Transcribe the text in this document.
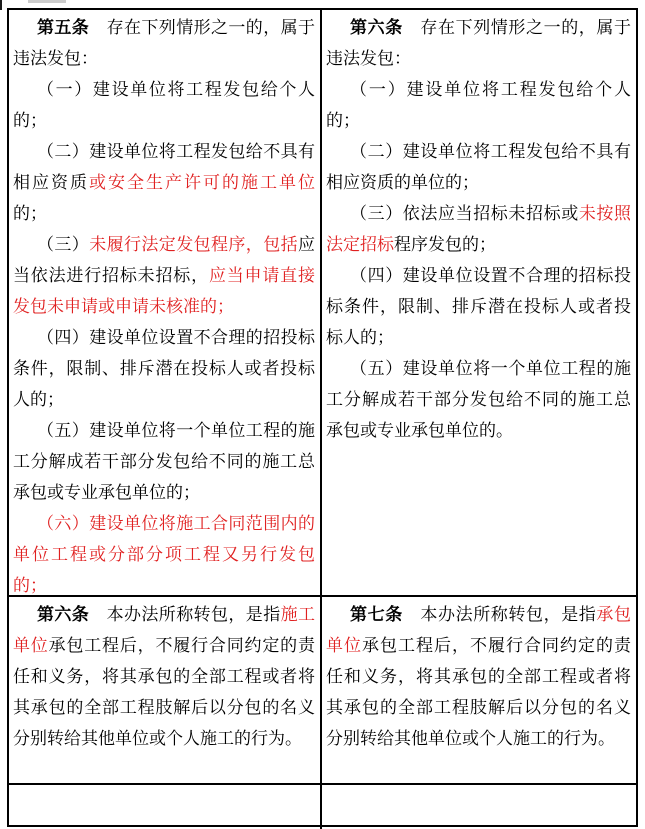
第五条　存在下列情形之一的，属于违法发包：

（一）建设单位将工程发包给个人的；

（二）建设单位将工程发包给不具有相应资质或安全生产许可的施工单位的；

（三）未履行法定发包程序，包括应当依法进行招标未招标，应当申请直接发包未申请或申请未核准的；

（四）建设单位设置不合理的招投标条件，限制、排斥潜在投标人或者投标人的；

（五）建设单位将一个单位工程的施工分解成若干部分发包给不同的施工总承包或专业承包单位的；

（六）建设单位将施工合同范围内的单位工程或分部分项工程又另行发包的；

第六条　存在下列情形之一的，属于违法发包：

（一）建设单位将工程发包给个人的；

（二）建设单位将工程发包给不具有相应资质的单位的；

（三）依法应当招标未招标或未按照法定招标程序发包的；

（四）建设单位设置不合理的招标投标条件，限制、排斥潜在投标人或者投标人的；

（五）建设单位将一个单位工程的施工分解成若干部分发包给不同的施工总承包或专业承包单位的。

第六条　本办法所称转包，是指施工单位承包工程后，不履行合同约定的责任和义务，将其承包的全部工程或者将其承包的全部工程肢解后以分包的名义分别转给其他单位或个人施工的行为。

第七条　本办法所称转包，是指承包单位承包工程后，不履行合同约定的责任和义务，将其承包的全部工程或者将其承包的全部工程肢解后以分包的名义分别转给其他单位或个人施工的行为。
